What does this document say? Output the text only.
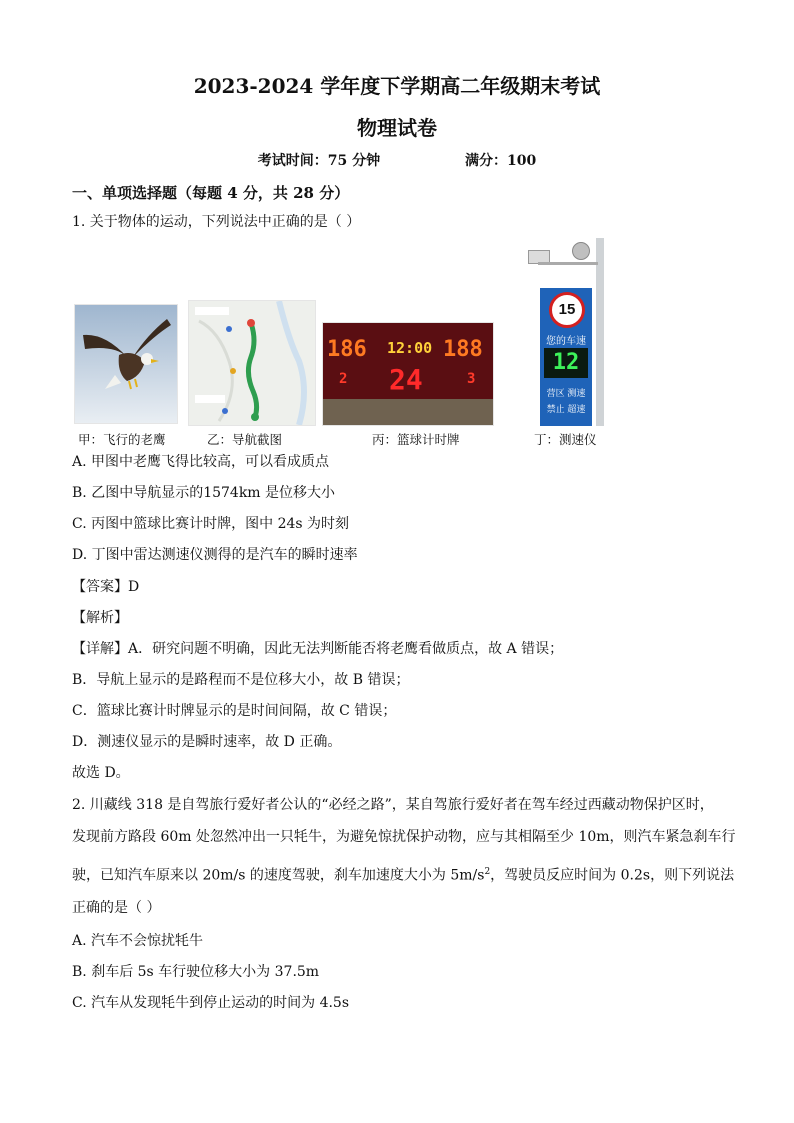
2023-2024 学年度下学期高二年级期末考试
物理试卷
考试时间：75 分钟	满分：100
一、单项选择题（每题 4 分，共 28 分）
1. 关于物体的运动，下列说法中正确的是（ ）
186 12:00 188
2 24	3
15
您的车速
12
营区 测速
禁止 超速
甲：飞行的老鹰	乙：导航截图	丙：篮球计时牌	丁：测速仪
A. 甲图中老鹰飞得比较高，可以看成质点
B. 乙图中导航显示的1574km 是位移大小
C. 丙图中篮球比赛计时牌，图中 24s 为时刻
D. 丁图中雷达测速仪测得的是汽车的瞬时速率
【答案】D
【解析】
【详解】A．研究问题不明确，因此无法判断能否将老鹰看做质点，故 A 错误；
B．导航上显示的是路程而不是位移大小，故 B 错误；
C．篮球比赛计时牌显示的是时间间隔，故 C 错误；
D．测速仪显示的是瞬时速率，故 D 正确。
故选 D。
2. 川藏线 318 是自驾旅行爱好者公认的“必经之路”，某自驾旅行爱好者在驾车经过西藏动物保护区时，
发现前方路段 60m 处忽然冲出一只牦牛，为避免惊扰保护动物，应与其相隔至少 10m，则汽车紧急刹车行
驶，已知汽车原来以 20m/s 的速度驾驶，刹车加速度大小为 $5m/s^2$，驾驶员反应时间为 0.2s，则下列说法
正确的是（ ）
A. 汽车不会惊扰牦牛
B. 刹车后 5s 车行驶位移大小为 37.5m
C. 汽车从发现牦牛到停止运动的时间为 4.5s
